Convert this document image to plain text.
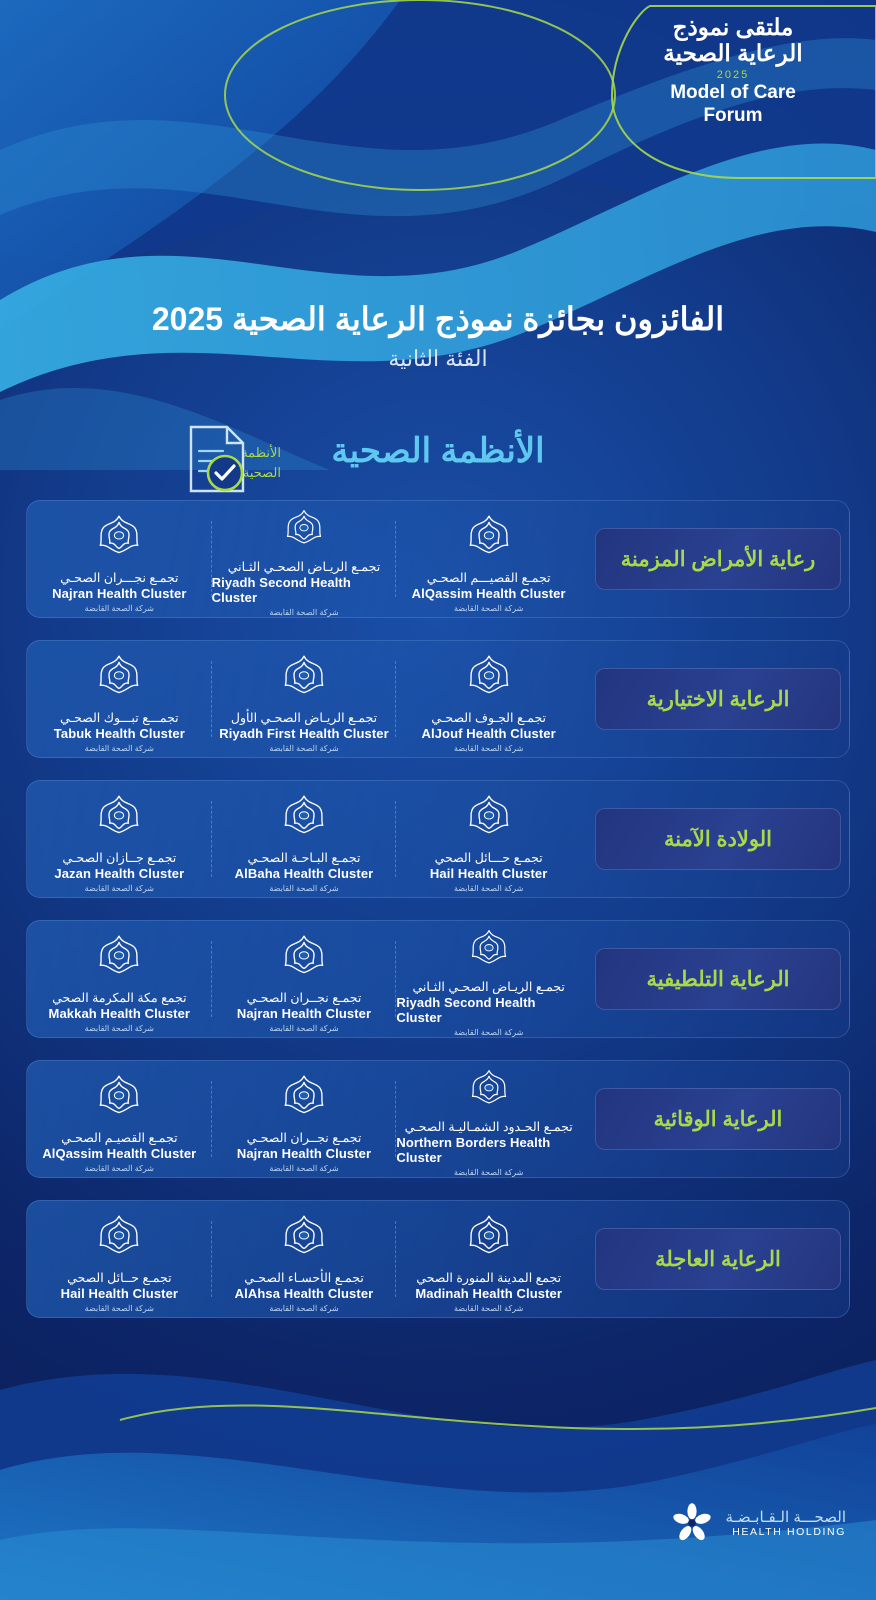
ملتقى نموذج
الرعاية الصحية
2025
Model of Care
Forum
الفائزون بجائزة نموذج الرعاية الصحية 2025
الفئة الثانية
الأنظمة الصحية
الأنظمة
الصحية
رعاية الأمراض المزمنة
تجمـع القصيـــم الصحـي
AlQassim Health Cluster
شركة الصحة القابضة
تجمـع الريـاض الصحـي الثـاني
Riyadh Second Health Cluster
شركة الصحة القابضة
تجمـع نجـــران الصحـي
Najran Health Cluster
شركة الصحة القابضة
الرعاية الاختيارية
تجمـع الجـوف الصحـي
AlJouf Health Cluster
شركة الصحة القابضة
تجمـع الريـاض الصحـي الأول
Riyadh First Health Cluster
شركة الصحة القابضة
تجمـــع تبـــوك الصحـي
Tabuk Health Cluster
شركة الصحة القابضة
الولادة الآمنة
تجمـع حـــائل الصحي
Hail Health Cluster
شركة الصحة القابضة
تجمـع البـاحـة الصحـي
AlBaha Health Cluster
شركة الصحة القابضة
تجمـع جــازان الصحـي
Jazan Health Cluster
شركة الصحة القابضة
الرعاية التلطيفية
تجمـع الريـاض الصحـي الثـاني
Riyadh Second Health Cluster
شركة الصحة القابضة
تجمـع نجــران الصحـي
Najran Health Cluster
شركة الصحة القابضة
تجمع مكة المكرمة الصحي
Makkah Health Cluster
شركة الصحة القابضة
الرعاية الوقائية
تجمـع الحـدود الشمـاليـة الصحـي
Northern Borders Health Cluster
شركة الصحة القابضة
تجمـع نجــران الصحـي
Najran Health Cluster
شركة الصحة القابضة
تجمـع القصيـم الصحـي
AlQassim Health Cluster
شركة الصحة القابضة
الرعاية العاجلة
تجمع المدينة المنورة الصحي
Madinah Health Cluster
شركة الصحة القابضة
تجمـع الأحسـاء الصحـي
AlAhsa Health Cluster
شركة الصحة القابضة
تجمـع حــائل الصحي
Hail Health Cluster
شركة الصحة القابضة
الصحـــة الـقـابـضـة
HEALTH HOLDING
